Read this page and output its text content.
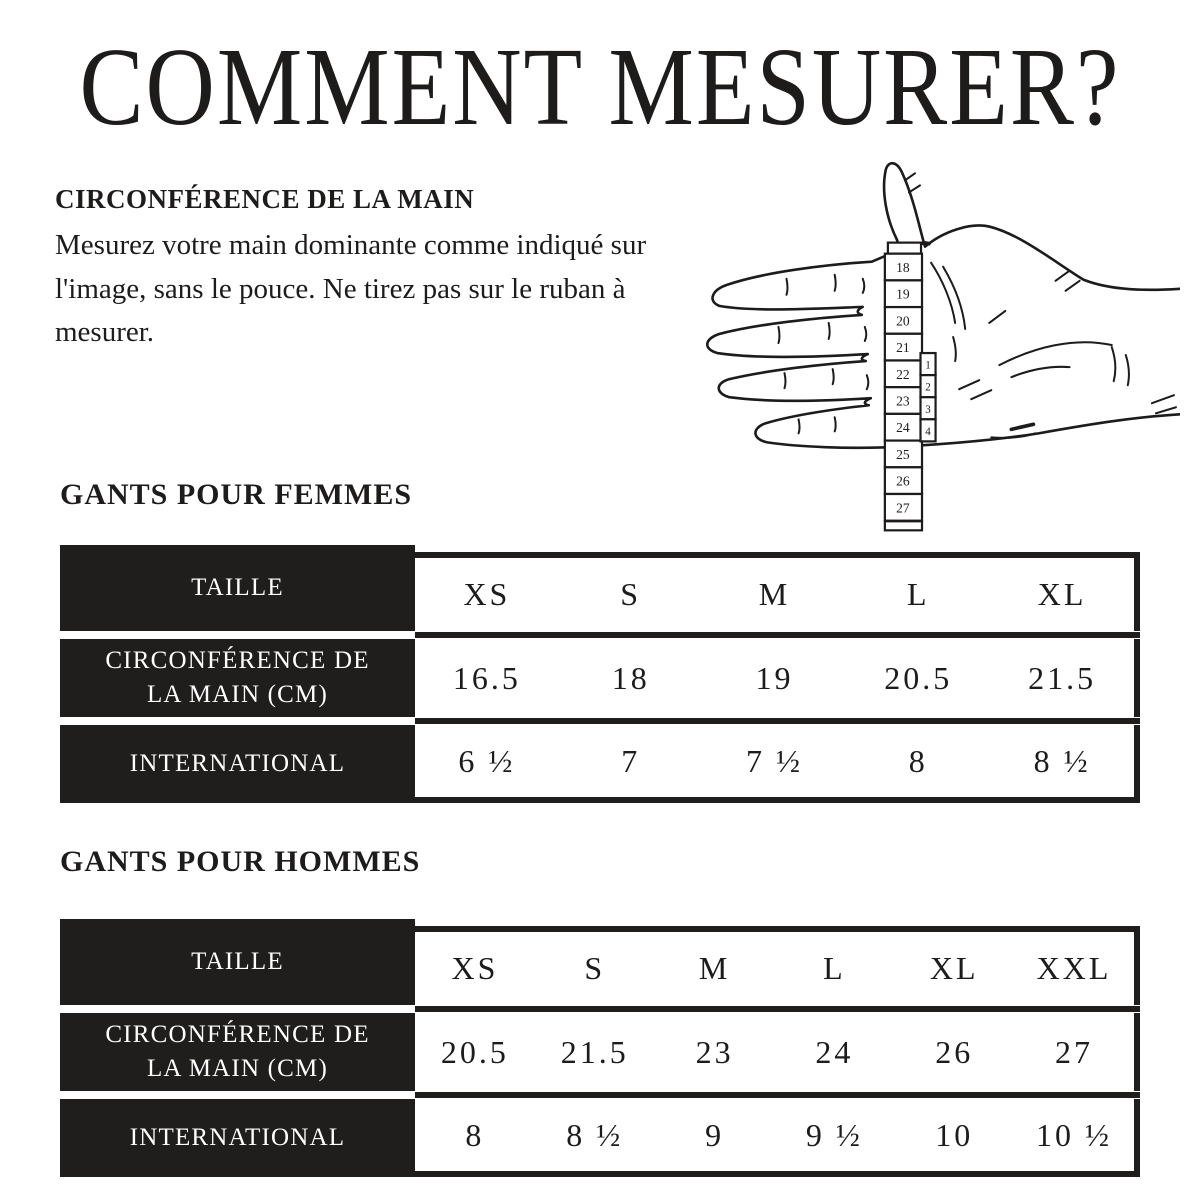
COMMENT MESURER?
CIRCONFÉRENCE DE LA MAIN

Mesurez votre main dominante comme indiqué sur l'image, sans le pouce. Ne tirez pas sur le ruban à mesurer.

18
19
20
21
22
23
24
25
26
27
1
2
3
4
GANTS POUR FEMMES
TAILLE	XS	S	M	L	XL
CIRCONFÉRENCE DE LA MAIN (CM)	16.5	18	19	20.5	21.5
INTERNATIONAL	6 ½	7	7 ½	8	8 ½
GANTS POUR HOMMES
TAILLE	XS	S	M	L	XL	XXL
CIRCONFÉRENCE DE LA MAIN (CM)	20.5	21.5	23	24	26	27
INTERNATIONAL	8	8 ½	9	9 ½	10	10 ½
